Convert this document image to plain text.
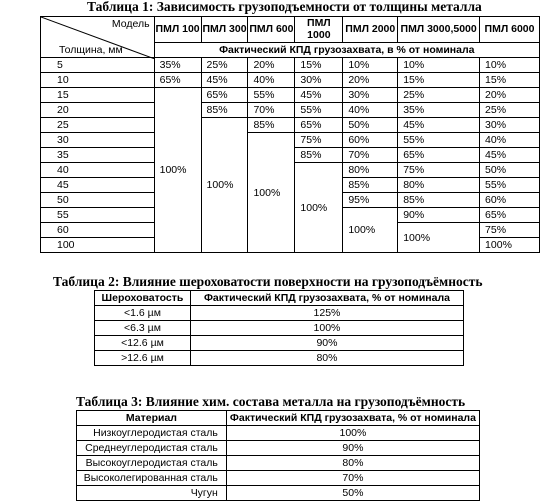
Таблица 1: Зависимость грузоподъемности от толщины металла
Модель
Толщина, мм	ПМЛ 100	ПМЛ 300	ПМЛ 600	ПМЛ 1000	ПМЛ 2000	ПМЛ 3000,5000	ПМЛ 6000
	Фактический КПД грузозахвата, в % от номинала						
5	35%	25%	20%	15%	10%	10%	10%
10	65%	45%	40%	30%	20%	15%	15%
15	100%	65%	55%	45%	30%	25%	20%
20		85%	70%	55%	40%	35%	25%
25		100%	85%	65%	50%	45%	30%
30			100%	75%	60%	55%	40%
35				85%	70%	65%	45%
40				100%	80%	75%	50%
45					85%	80%	55%
50					95%	85%	60%
55					100%	90%	65%
60						100%	75%
100							100%
Таблица 2: Влияние шероховатости поверхности на грузоподъёмность
Шероховатость	Фактический КПД грузозахвата, % от номинала
<1.6 µм	125%
<6.3 µм	100%
<12.6 µм	90%
>12.6 µм	80%
Таблица 3: Влияние хим. состава металла на грузоподъёмность
Материал	Фактический КПД грузозахвата, % от номинала
Низкоуглеродистая сталь	100%
Среднеуглеродистая сталь	90%
Высокоуглеродистая сталь	80%
Высоколегированная сталь	70%
Чугун	50%
